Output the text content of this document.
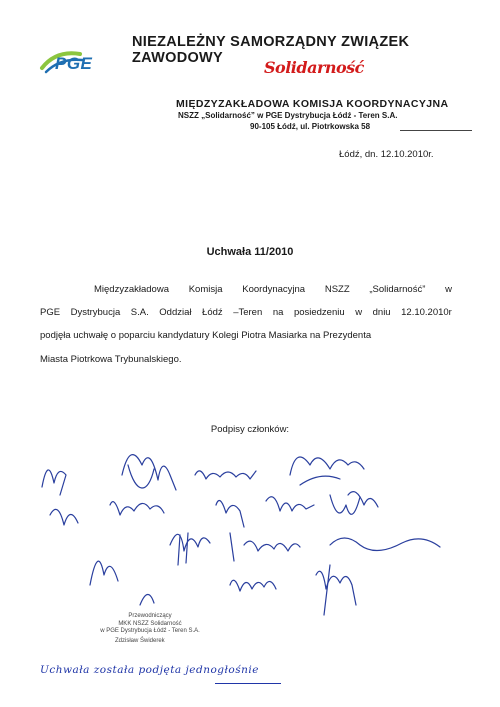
PGE
NIEZALEŻNY SAMORZĄDNY ZWIĄZEK ZAWODOWY	Solidarność
MIĘDZYZAKŁADOWA KOMISJA KOORDYNACYJNA
NSZZ „Solidarność” w PGE Dystrybucja Łódź - Teren S.A.
90-105 Łódź, ul. Piotrkowska 58
Łódź, dn. 12.10.2010r.
Uchwała 11/2010
Międzyzakładowa Komisja Koordynacyjna NSZZ „Solidarność” w
PGE Dystrybucja S.A. Oddział Łódź –Teren na posiedzeniu w dniu 12.10.2010r
podjęła uchwałę o poparciu kandydatury Kolegi Piotra Masiarka na Prezydenta
Miasta Piotrkowa Trybunalskiego.
Podpisy członków:
Przewodniczący
MKK NSZZ Solidarność
w PGE Dystrybucja Łódź - Teren S.A.
Zdzisław Świderek
Uchwała została podjęta jednogłośnie
